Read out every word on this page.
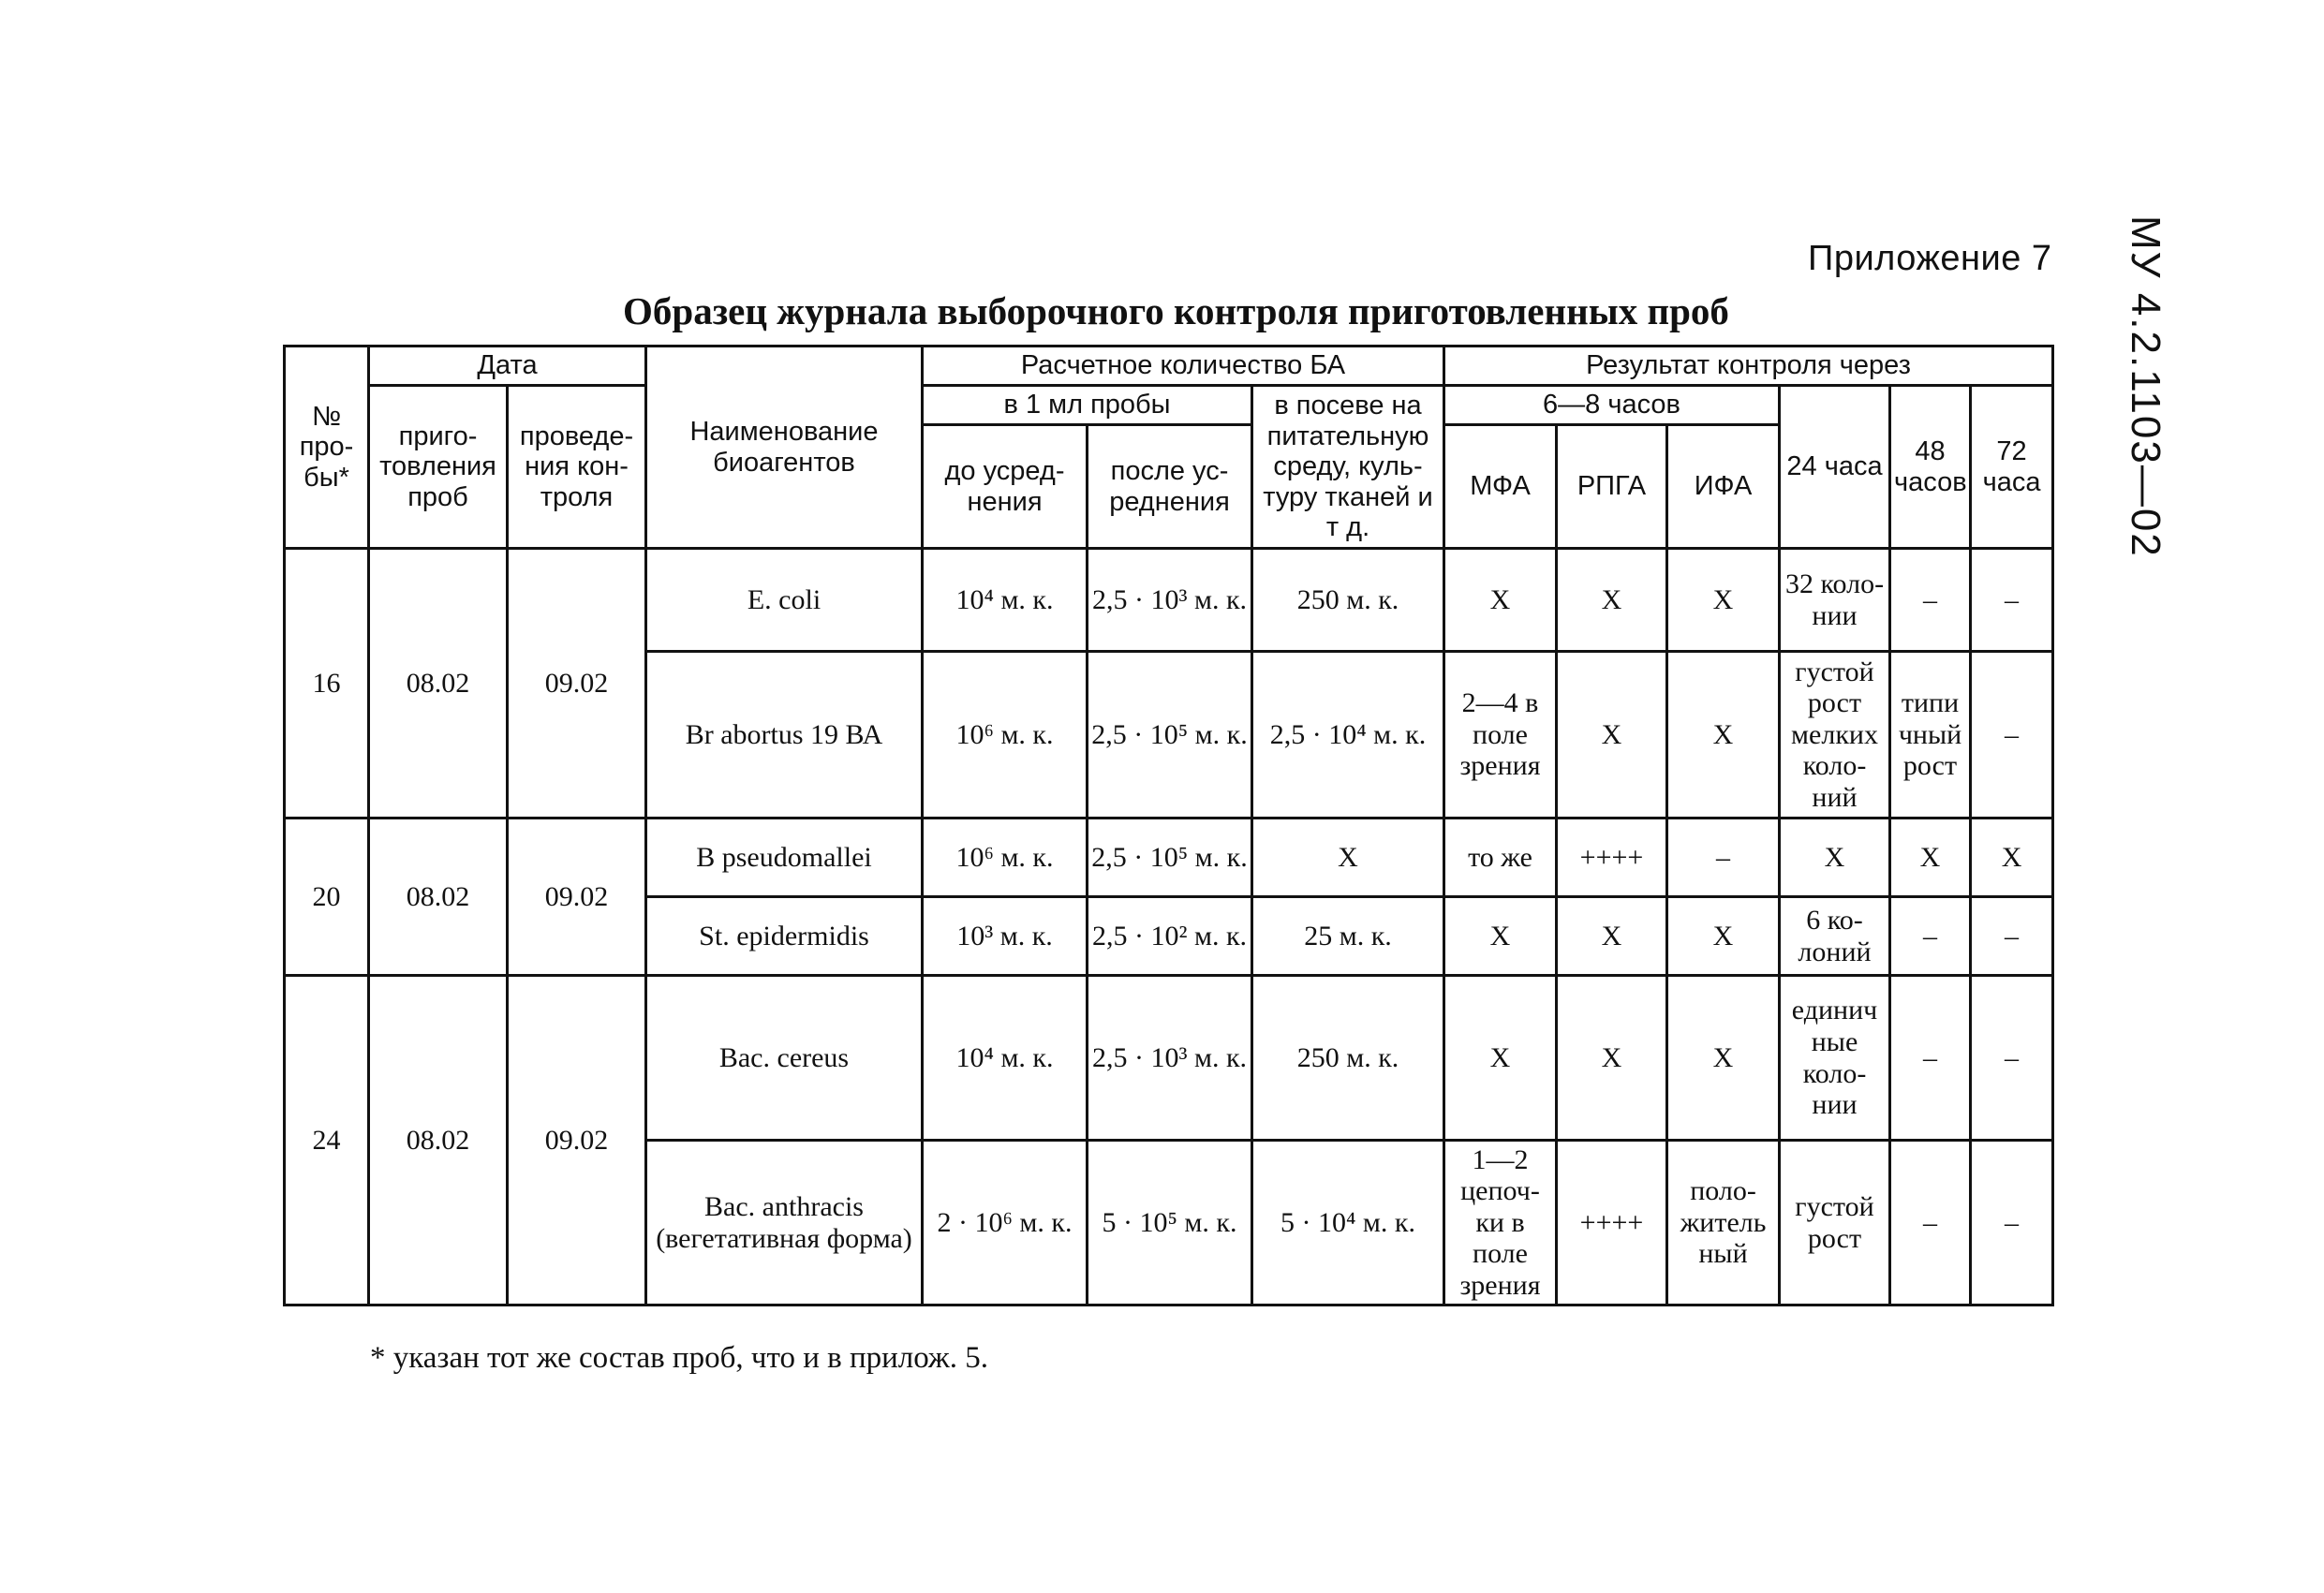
Приложение 7 МУ 4.2.1103—02
Образец журнала выборочного контроля приготовленных проб
№ про-бы*	Дата		Наименование биоагентов	Расчетное количество БА			Результат контроля через					
	приго-товления проб	проведе-ния кон-троля		в 1 мл пробы		в посеве на питательную среду, куль-туру тканей и т д.	6—8 часов			24 часа	48 часов	72 часа
				до усред-нения	после ус-реднения		МФА	РПГА	ИФА			
16	08.02	09.02	E. coli	10⁴ м. к.	2,5 · 10³ м. к.	250 м. к.	Х	Х	Х	32 коло-нии	–	–
			Br abortus 19 ВА	10⁶ м. к.	2,5 · 10⁵ м. к.	2,5 · 10⁴ м. к.	2—4 в поле зрения	Х	Х	густой рост мелких коло-ний	типи чный рост	–
20	08.02	09.02	B pseudomallei	10⁶ м. к.	2,5 · 10⁵ м. к.	Х	то же	++++	–	Х	Х	Х
			St. epidermidis	10³ м. к.	2,5 · 10² м. к.	25 м. к.	Х	Х	Х	6 ко-лоний	–	–
24	08.02	09.02	Bac. cereus	10⁴ м. к.	2,5 · 10³ м. к.	250 м. к.	Х	Х	Х	единич ные коло-нии	–	–
			Bac. anthracis (вегетативная форма)	2 · 10⁶ м. к.	5 · 10⁵ м. к.	5 · 10⁴ м. к.	1—2 цепоч-ки в поле зрения	++++	поло-житель ный	густой рост	–	–
* указан тот же состав проб, что и в прилож. 5.
